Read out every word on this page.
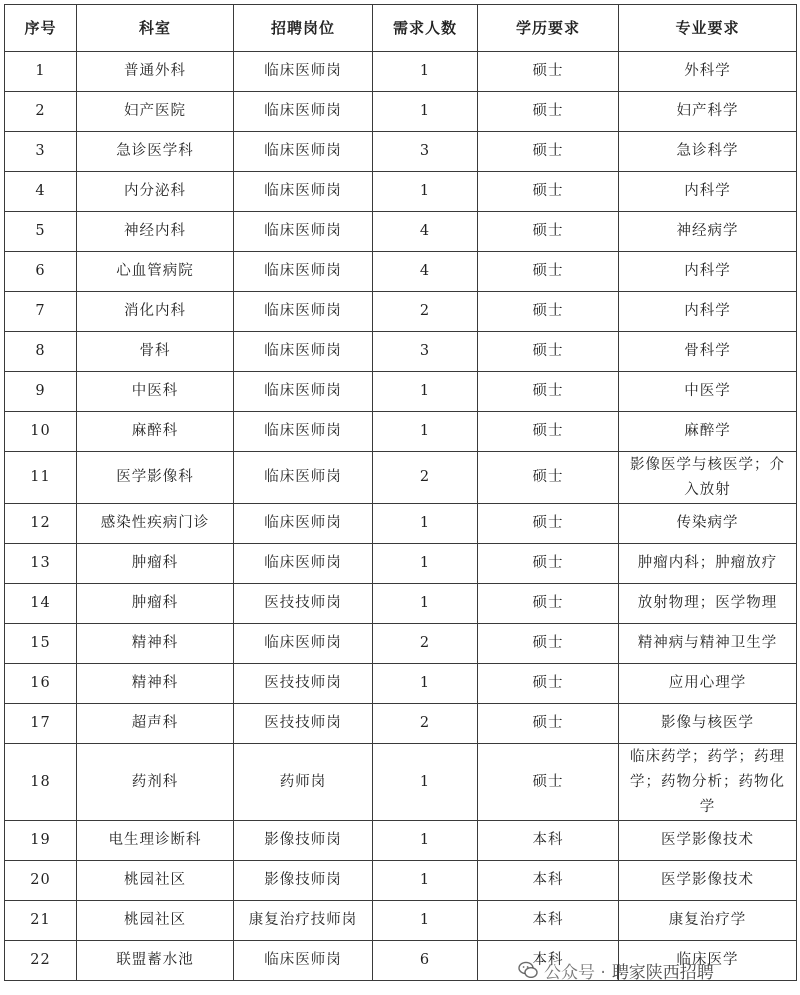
序号	科室	招聘岗位	需求人数	学历要求	专业要求
1	普通外科	临床医师岗	1	硕士	外科学
2	妇产医院	临床医师岗	1	硕士	妇产科学
3	急诊医学科	临床医师岗	3	硕士	急诊科学
4	内分泌科	临床医师岗	1	硕士	内科学
5	神经内科	临床医师岗	4	硕士	神经病学
6	心血管病院	临床医师岗	4	硕士	内科学
7	消化内科	临床医师岗	2	硕士	内科学
8	骨科	临床医师岗	3	硕士	骨科学
9	中医科	临床医师岗	1	硕士	中医学
10	麻醉科	临床医师岗	1	硕士	麻醉学
11	医学影像科	临床医师岗	2	硕士	影像医学与核医学；介入放射
12	感染性疾病门诊	临床医师岗	1	硕士	传染病学
13	肿瘤科	临床医师岗	1	硕士	肿瘤内科；肿瘤放疗
14	肿瘤科	医技技师岗	1	硕士	放射物理；医学物理
15	精神科	临床医师岗	2	硕士	精神病与精神卫生学
16	精神科	医技技师岗	1	硕士	应用心理学
17	超声科	医技技师岗	2	硕士	影像与核医学
18	药剂科	药师岗	1	硕士	临床药学；药学；药理学；药物分析；药物化学
19	电生理诊断科	影像技师岗	1	本科	医学影像技术
20	桃园社区	影像技师岗	1	本科	医学影像技术
21	桃园社区	康复治疗技师岗	1	本科	康复治疗学
22	联盟蓄水池	临床医师岗	6	本科	临床医学
公众号 · 聘家陕西招聘
